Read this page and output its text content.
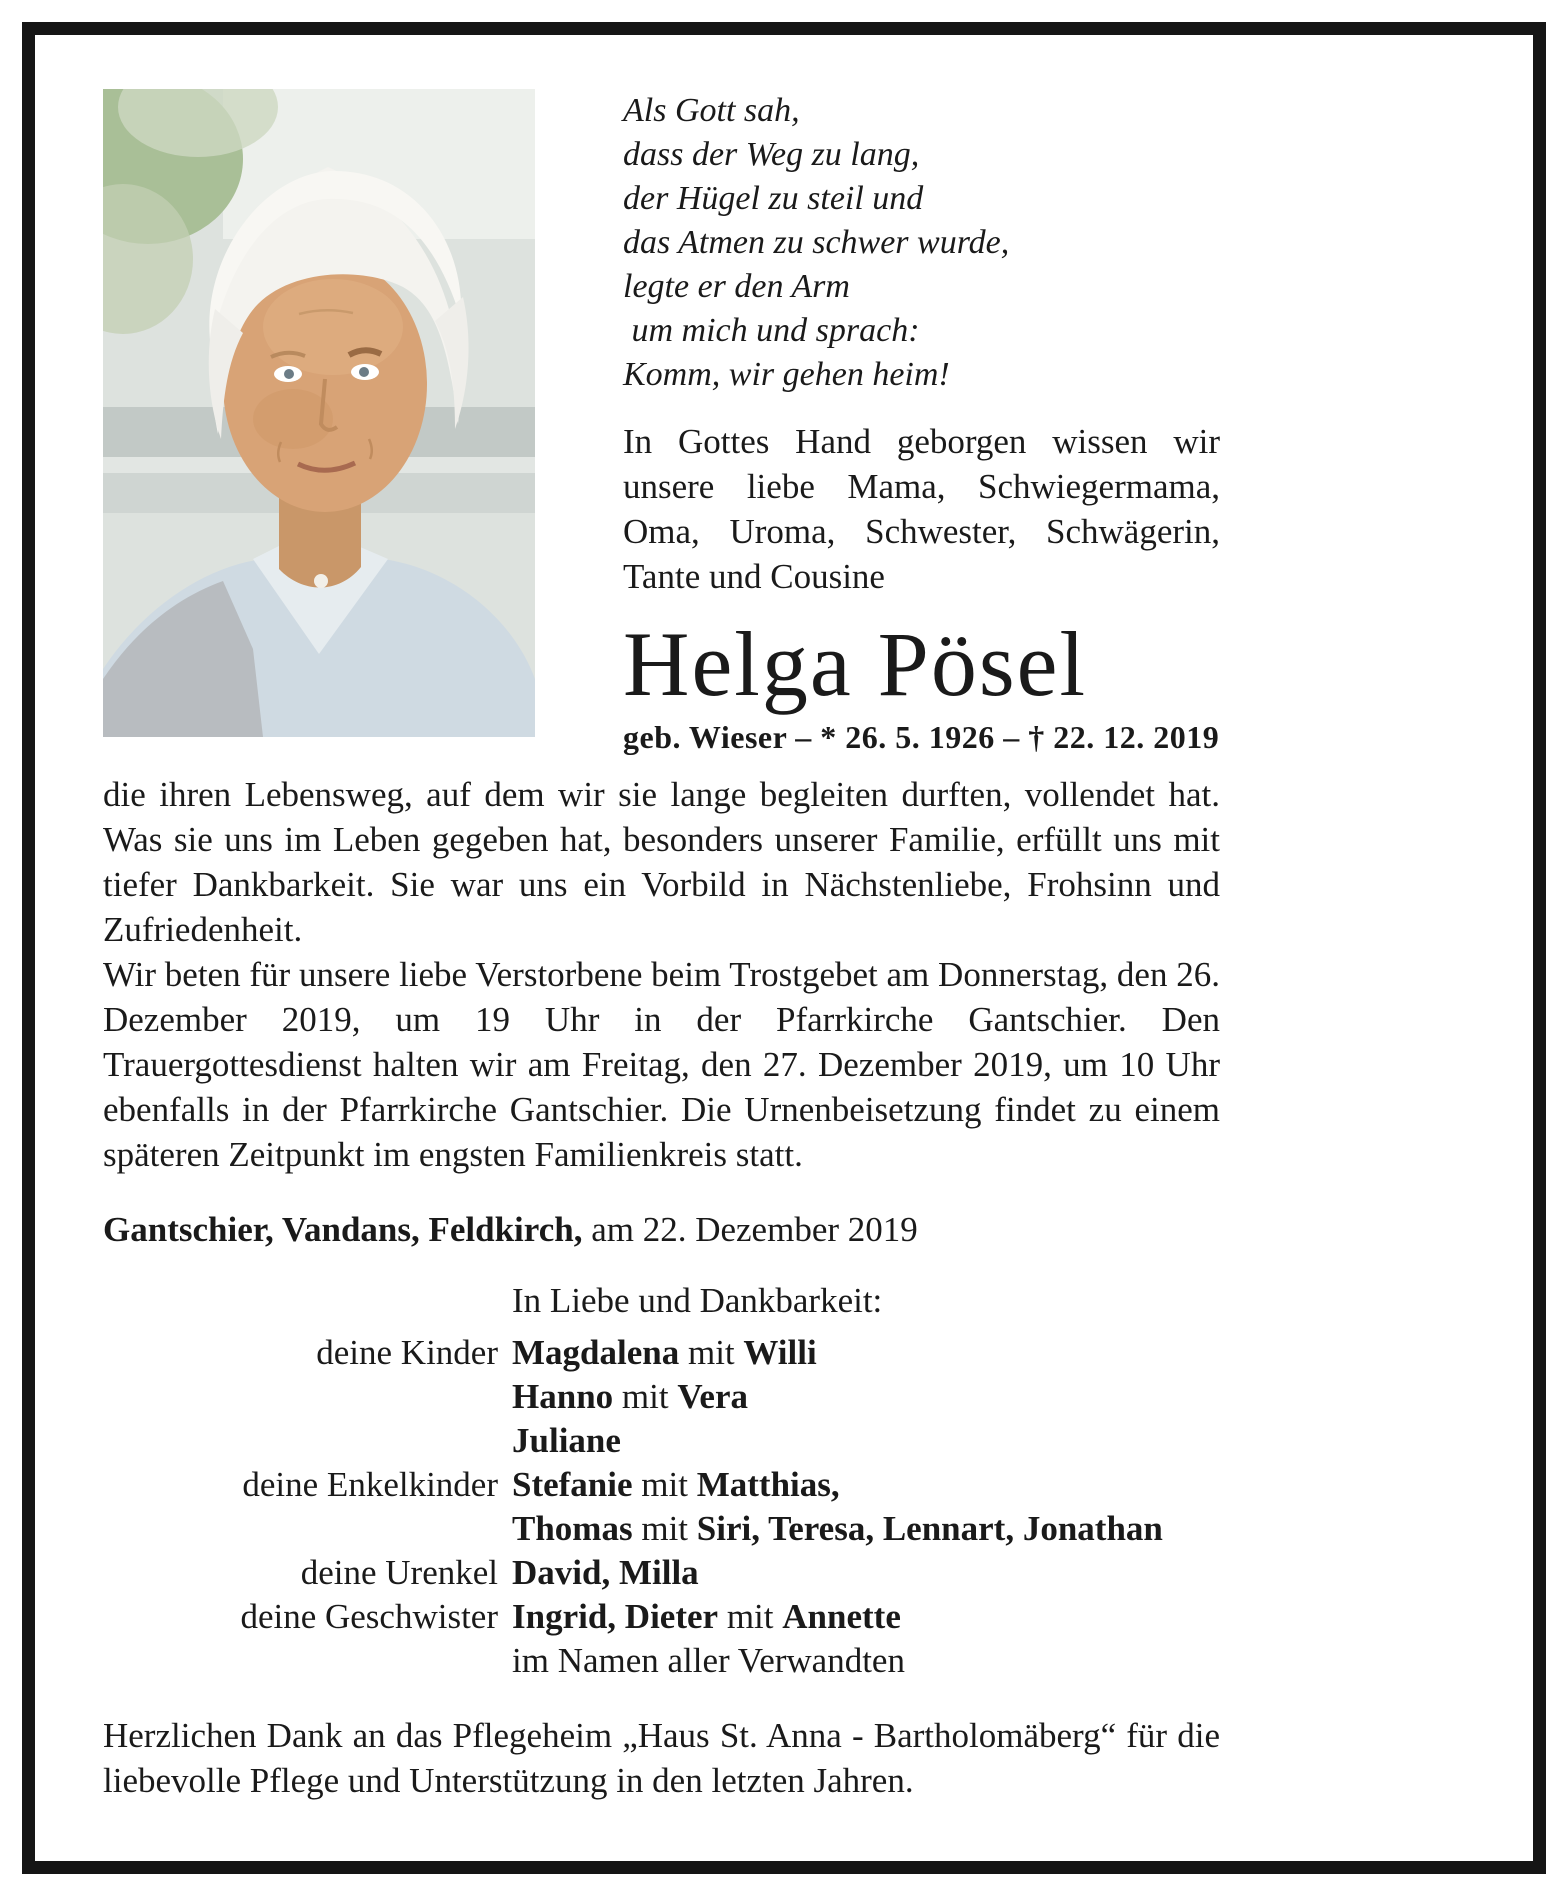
Als Gott sah,
dass der Weg zu lang,
der Hügel zu steil und
das Atmen zu schwer wurde,
legte er den Arm
um mich und sprach:
Komm, wir gehen heim!

In Gottes Hand geborgen wissen wir unsere liebe Mama, Schwiegermama, Oma, Uroma, Schwester, Schwägerin, Tante und Cousine

Helga Pösel
geb. Wieser – * 26. 5. 1926 – † 22. 12. 2019

die ihren Lebensweg, auf dem wir sie lange begleiten durften, vollendet hat. Was sie uns im Leben gegeben hat, besonders unserer Familie, erfüllt uns mit tiefer Dankbarkeit. Sie war uns ein Vorbild in Nächstenliebe, Frohsinn und Zufriedenheit.

Wir beten für unsere liebe Verstorbene beim Trostgebet am Donnerstag, den 26. Dezember 2019, um 19 Uhr in der Pfarrkirche Gantschier. Den Trauergottesdienst halten wir am Freitag, den 27. Dezember 2019, um 10 Uhr ebenfalls in der Pfarrkirche Gantschier. Die Urnenbeisetzung findet zu einem späteren Zeitpunkt im engsten Familienkreis statt.

Gantschier, Vandans, Feldkirch, am 22. Dezember 2019

In Liebe und Dankbarkeit:
deine Kinder Magdalena mit Willi
Hanno mit Vera
Juliane
deine Enkelkinder Stefanie mit Matthias,
Thomas mit Siri, Teresa, Lennart, Jonathan
deine Urenkel David, Milla
deine Geschwister Ingrid, Dieter mit Annette
im Namen aller Verwandten

Herzlichen Dank an das Pflegeheim „Haus St. Anna - Bartholomäberg“ für die liebevolle Pflege und Unterstützung in den letzten Jahren.
